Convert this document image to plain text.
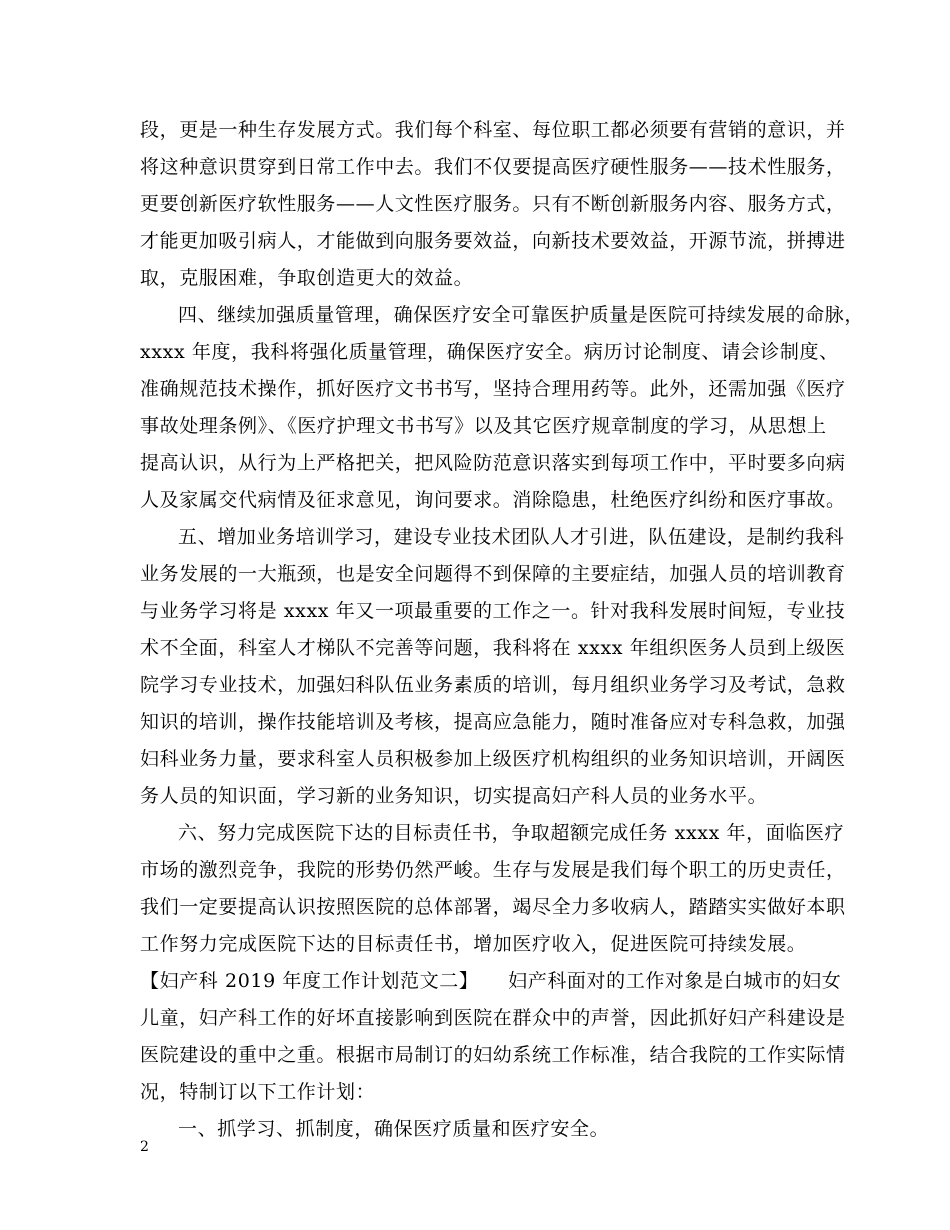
段，更是一种生存发展方式。我们每个科室、每位职工都必须要有营销的意识，并
将这种意识贯穿到日常工作中去。我们不仅要提高医疗硬性服务——技术性服务，
更要创新医疗软性服务——人文性医疗服务。只有不断创新服务内容、服务方式，
才能更加吸引病人，才能做到向服务要效益，向新技术要效益，开源节流，拼搏进
取，克服困难，争取创造更大的效益。
四、继续加强质量管理，确保医疗安全可靠医护质量是医院可持续发展的命脉，
xxxx 年度，我科将强化质量管理，确保医疗安全。病历讨论制度、请会诊制度、
准确规范技术操作，抓好医疗文书书写，坚持合理用药等。此外，还需加强《医疗
事故处理条例》、《医疗护理文书书写》以及其它医疗规章制度的学习，从思想上
提高认识，从行为上严格把关，把风险防范意识落实到每项工作中，平时要多向病
人及家属交代病情及征求意见，询问要求。消除隐患，杜绝医疗纠纷和医疗事故。
五、增加业务培训学习，建设专业技术团队人才引进，队伍建设，是制约我科
业务发展的一大瓶颈，也是安全问题得不到保障的主要症结，加强人员的培训教育
与业务学习将是 xxxx 年又一项最重要的工作之一。针对我科发展时间短，专业技
术不全面，科室人才梯队不完善等问题，我科将在 xxxx 年组织医务人员到上级医
院学习专业技术，加强妇科队伍业务素质的培训，每月组织业务学习及考试，急救
知识的培训，操作技能培训及考核，提高应急能力，随时准备应对专科急救，加强
妇科业务力量，要求科室人员积极参加上级医疗机构组织的业务知识培训，开阔医
务人员的知识面，学习新的业务知识，切实提高妇产科人员的业务水平。
六、努力完成医院下达的目标责任书，争取超额完成任务 xxxx 年，面临医疗
市场的激烈竞争，我院的形势仍然严峻。生存与发展是我们每个职工的历史责任，
我们一定要提高认识按照医院的总体部署，竭尽全力多收病人，踏踏实实做好本职
工作努力完成医院下达的目标责任书，增加医疗收入，促进医院可持续发展。
【妇产科 2019 年度工作计划范文二】　　妇产科面对的工作对象是白城市的妇女
儿童，妇产科工作的好坏直接影响到医院在群众中的声誉，因此抓好妇产科建设是
医院建设的重中之重。根据市局制订的妇幼系统工作标准，结合我院的工作实际情
况，特制订以下工作计划：
一、抓学习、抓制度，确保医疗质量和医疗安全。
2
